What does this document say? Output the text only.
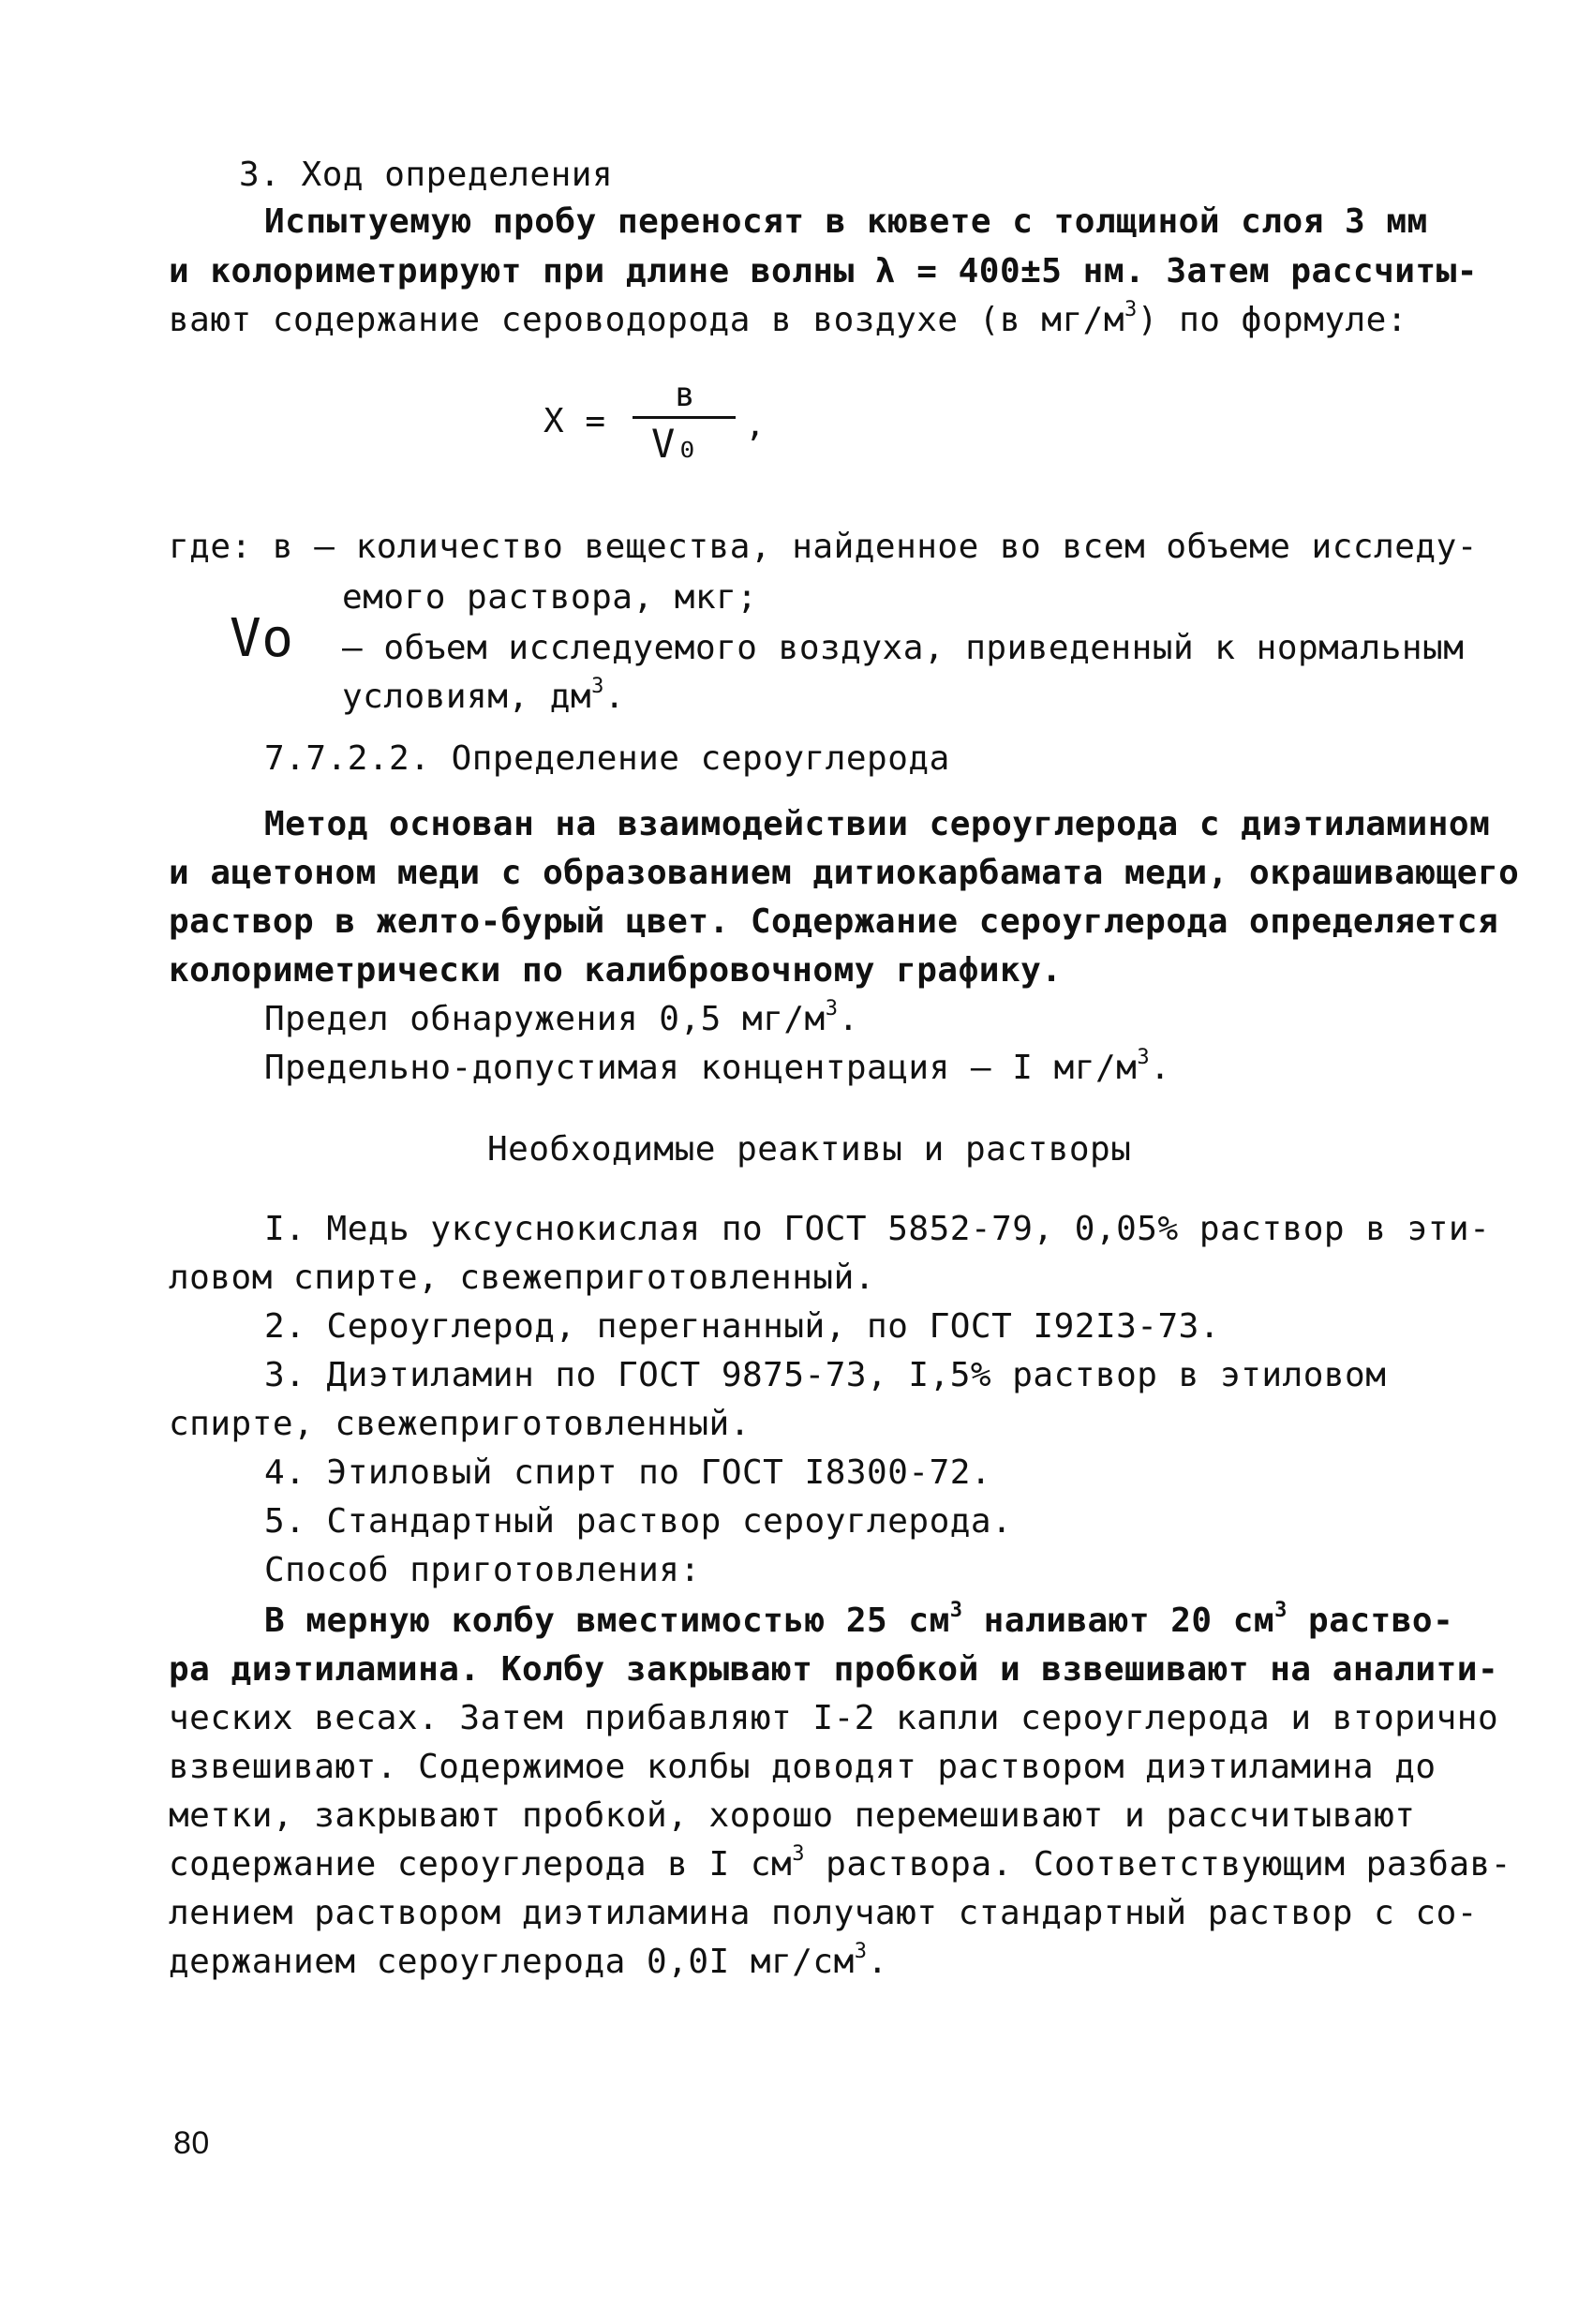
3. Ход определения
Испытуемую пробу переносят в кювете с толщиной слоя 3 мм
и колориметрируют при длине волны λ = 400±5 нм. Затем рассчиты-
вают содержание сероводорода в воздухе (в $мг/м^3$) по формуле:
X =
в
V₀ ,
где: в – количество вещества, найденное во всем объеме исследу-
емого раствора, мкг;
Vo – объем исследуемого воздуха, приведенный к нормальным
условиям, $дм^3$.
7.7.2.2. Определение сероуглерода
Метод основан на взаимодействии сероуглерода с диэтиламином
и ацетоном меди с образованием дитиокарбамата меди, окрашивающего
раствор в желто-бурый цвет. Содержание сероуглерода определяется
колориметрически по калибровочному графику.
Предел обнаружения 0,5 $мг/м^3$.
Предельно-допустимая концентрация – I $мг/м^3$.
Необходимые реактивы и растворы
I. Медь уксуснокислая по ГОСТ 5852-79, 0,05% раствор в эти-
ловом спирте, свежеприготовленный.
2. Сероуглерод, перегнанный, по ГОСТ I92I3-73.
3. Диэтиламин по ГОСТ 9875-73, I,5% раствор в этиловом
спирте, свежеприготовленный.
4. Этиловый спирт по ГОСТ I8300-72.
5. Стандартный раствор сероуглерода.
Способ приготовления:
В мерную колбу вместимостью 25 $см^3$ наливают 20 $см^3$ раство-
ра диэтиламина. Колбу закрывают пробкой и взвешивают на аналити-
ческих весах. Затем прибавляют I-2 капли сероуглерода и вторично
взвешивают. Содержимое колбы доводят раствором диэтиламина до
метки, закрывают пробкой, хорошо перемешивают и рассчитывают
содержание сероуглерода в I $см^3$ раствора. Соответствующим разбав-
лением раствором диэтиламина получают стандартный раствор с со-
держанием сероуглерода 0,0I $мг/см^3$.
80
